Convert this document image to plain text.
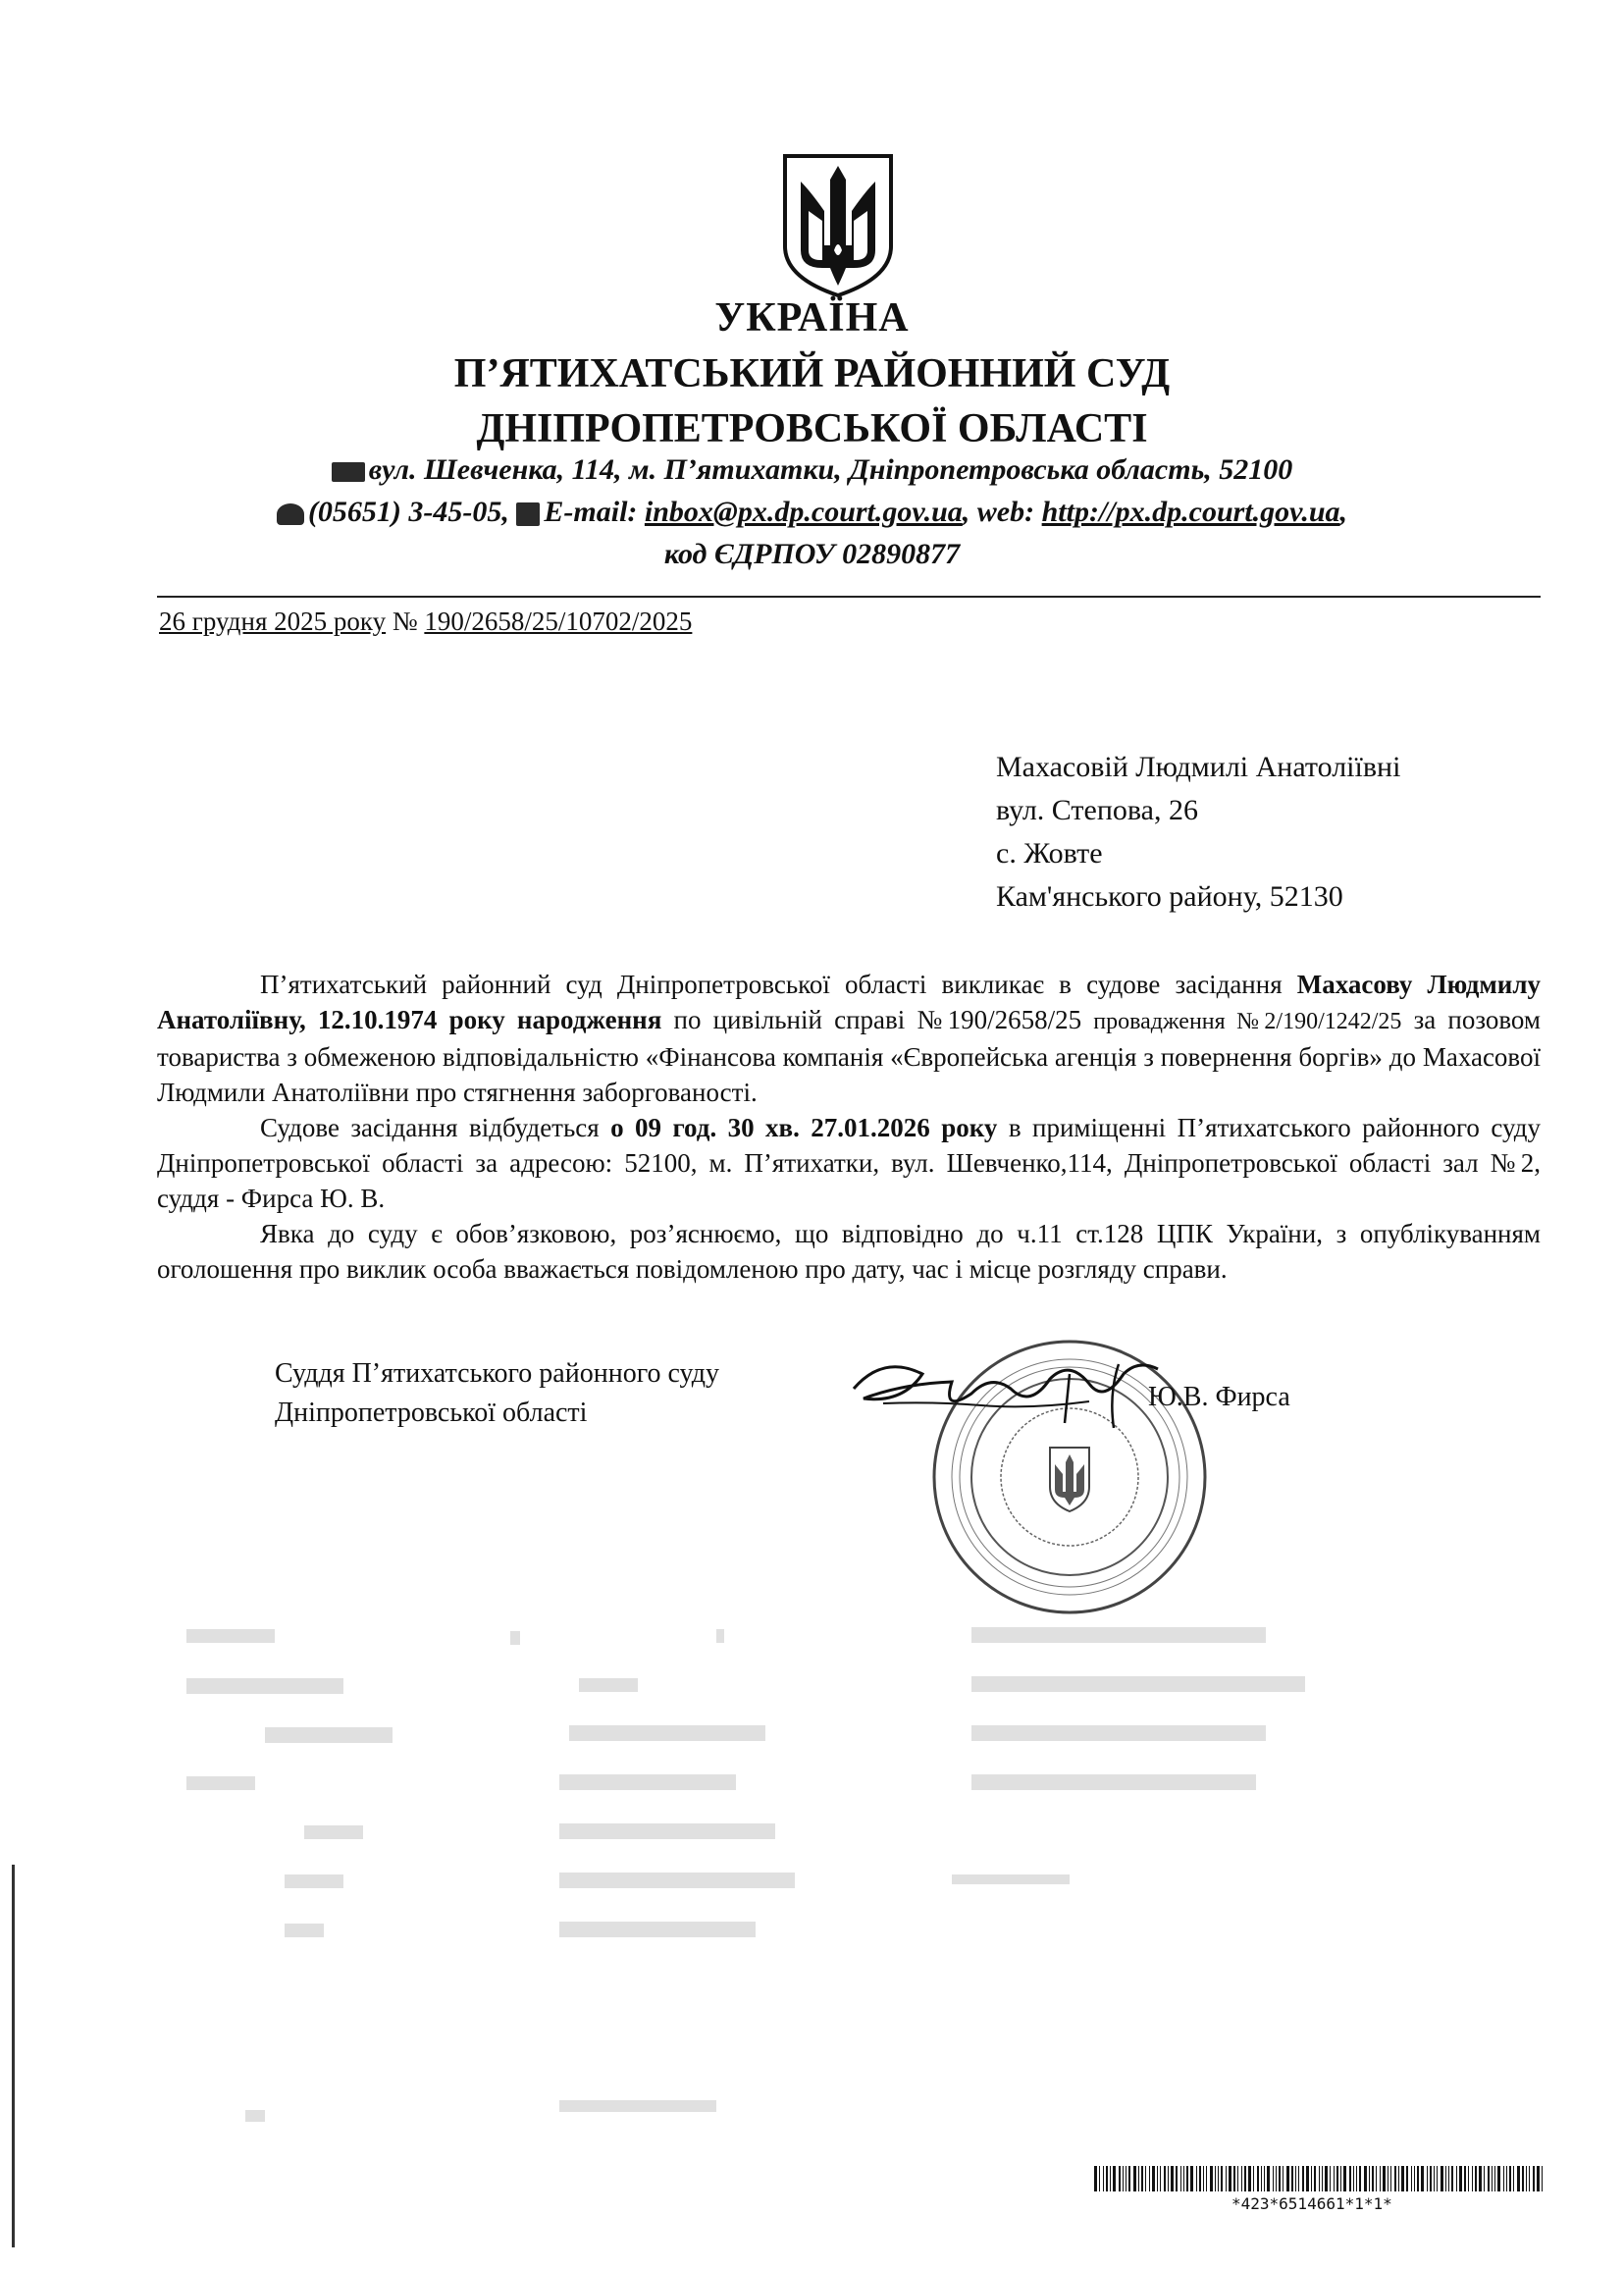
УКРАЇНА
П’ЯТИХАТСЬКИЙ РАЙОННИЙ СУД
ДНІПРОПЕТРОВСЬКОЇ ОБЛАСТІ
вул. Шевченка, 114, м. П’ятихатки, Дніпропетровська область, 52100
(05651) 3-45-05, E-mail: inbox@px.dp.court.gov.ua, web: http://px.dp.court.gov.ua,
код ЄДРПОУ 02890877
26 грудня 2025 року № 190/2658/25/10702/2025
Махасовій Людмилі Анатоліївні
вул. Степова, 26
с. Жовте
Кам'янського району, 52130

П’ятихатський районний суд Дніпропетровської області викликає в судове засідання Махасову Людмилу Анатоліївну, 12.10.1974 року народження по цивільній справі №190/2658/25 провадження №2/190/1242/25 за позовом товариства з обмеженою відповідальністю «Фінансова компанія «Європейська агенція з повернення боргів» до Махасової Людмили Анатоліївни про стягнення заборгованості.

Судове засідання відбудеться о 09 год. 30 хв. 27.01.2026 року в приміщенні П’ятихатського районного суду Дніпропетровської області за адресою: 52100, м. П’ятихатки, вул. Шевченко,114, Дніпропетровської області зал №2, суддя - Фирса Ю. В.

Явка до суду є обов’язковою, роз’яснюємо, що відповідно до ч.11 ст.128 ЦПК України, з опублікуванням оголошення про виклик особа вважається повідомленою про дату, час і місце розгляду справи.

Суддя П’ятихатського районного суду
Дніпропетровської області
Ю.В. Фирса
*423*6514661*1*1*
